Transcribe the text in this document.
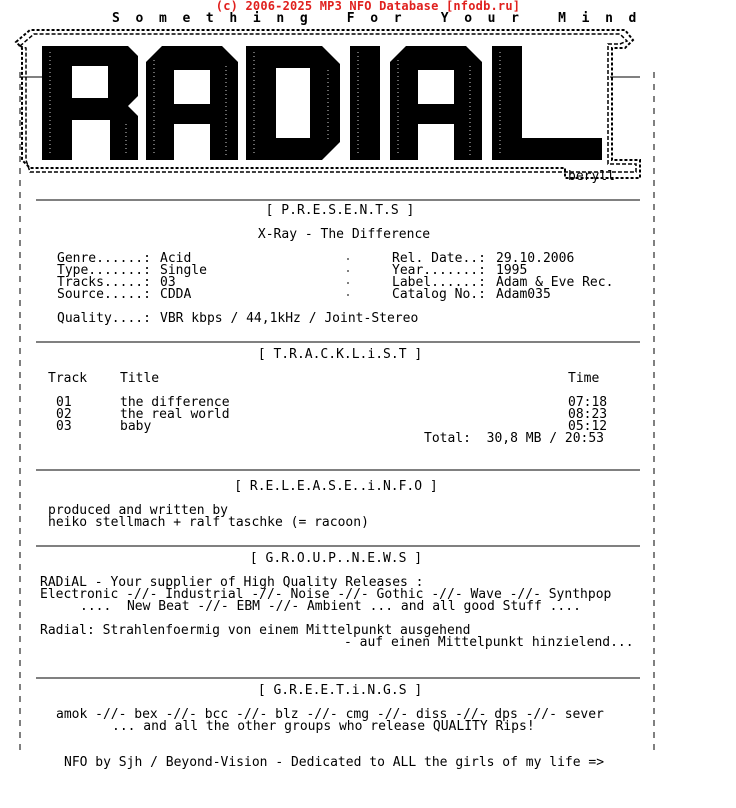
(c) 2006-2025 MP3 NFO Database [nfodb.ru]
S  o  m  e  t  h  i  n  g     F  o  r     Y  o  u  r     M  i  n  d
beryll
[ P.R.E.S.E.N.T.S ]
X-Ray - The Difference
Genre......: Acid
Type.......: Single
Tracks.....: 03
Source.....: CDDA
Rel. Date..: 29.10.2006
Year.......: 1995
Label......: Adam & Eve Rec.
Catalog No.: Adam035
Quality....: VBR kbps / 44,1kHz / Joint-Stereo
[ T.R.A.C.K.L.i.S.T ]
Track	Title	Time
01	the difference	07:18
02	the real world	08:23
03	baby	05:12
Total:  30,8 MB / 20:53
[ R.E.L.E.A.S.E..i.N.F.O ]
produced and written by
heiko stellmach + ralf taschke (= racoon)
[ G.R.O.U.P..N.E.W.S ]
RADiAL - Your supplier of High Quality Releases :
Electronic -//- Industrial -//- Noise -//- Gothic -//- Wave -//- Synthpop
....  New Beat -//- EBM -//- Ambient ... and all good Stuff ....
Radial: Strahlenfoermig von einem Mittelpunkt ausgehend
- auf einen Mittelpunkt hinzielend...
[ G.R.E.E.T.i.N.G.S ]
amok -//- bex -//- bcc -//- blz -//- cmg -//- diss -//- dps -//- sever
... and all the other groups who release QUALITY Rips!
NFO by Sjh / Beyond-Vision - Dedicated to ALL the girls of my life =>
